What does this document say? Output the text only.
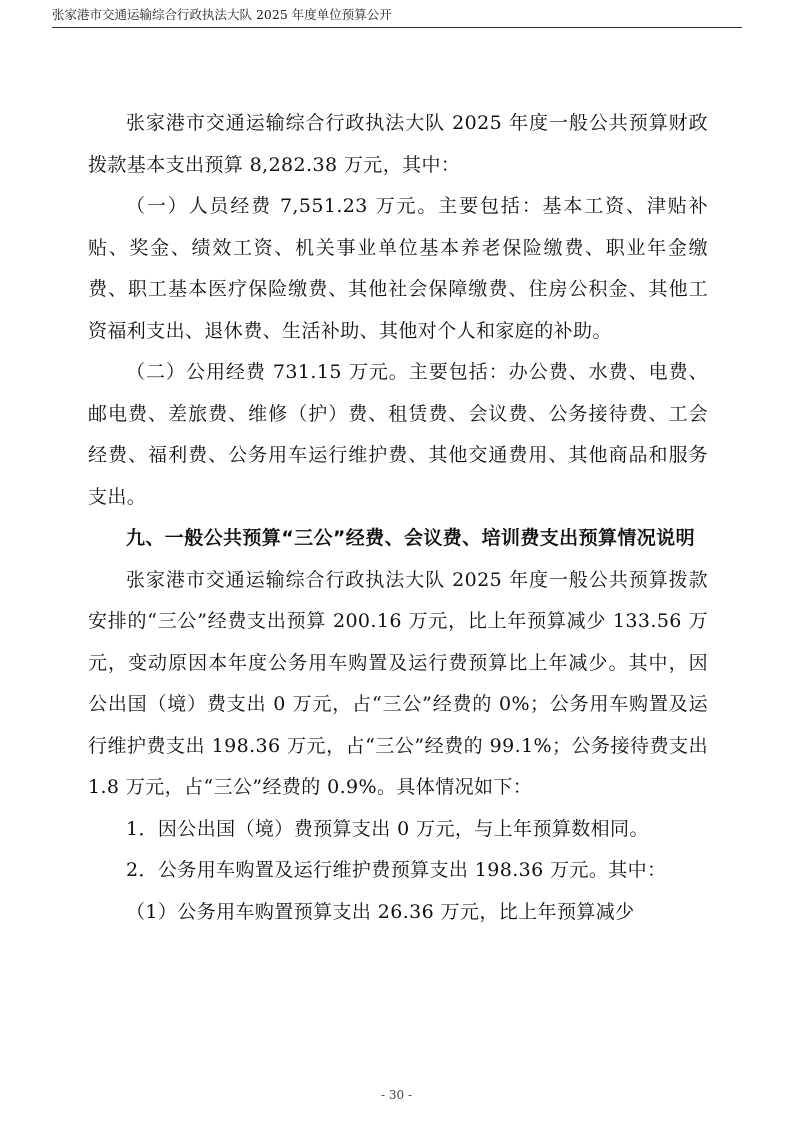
张家港市交通运输综合行政执法大队 2025 年度单位预算公开

张家港市交通运输综合行政执法大队 2025 年度一般公共预算财政拨款基本支出预算 8,282.38 万元，其中：

（一）人员经费 7,551.23 万元。主要包括：基本工资、津贴补贴、奖金、绩效工资、机关事业单位基本养老保险缴费、职业年金缴费、职工基本医疗保险缴费、其他社会保障缴费、住房公积金、其他工资福利支出、退休费、生活补助、其他对个人和家庭的补助。

（二）公用经费 731.15 万元。主要包括：办公费、水费、电费、邮电费、差旅费、维修（护）费、租赁费、会议费、公务接待费、工会经费、福利费、公务用车运行维护费、其他交通费用、其他商品和服务支出。

九、一般公共预算“三公”经费、会议费、培训费支出预算情况说明

张家港市交通运输综合行政执法大队 2025 年度一般公共预算拨款安排的“三公”经费支出预算 200.16 万元，比上年预算减少 133.56 万元，变动原因本年度公务用车购置及运行费预算比上年减少。其中，因公出国（境）费支出 0 万元，占“三公”经费的 0%；公务用车购置及运行维护费支出 198.36 万元，占“三公”经费的 99.1%；公务接待费支出 1.8 万元，占“三公”经费的 0.9%。具体情况如下：

1．因公出国（境）费预算支出 0 万元，与上年预算数相同。

2．公务用车购置及运行维护费预算支出 198.36 万元。其中：

（1）公务用车购置预算支出 26.36 万元，比上年预算减少

- 30 -
